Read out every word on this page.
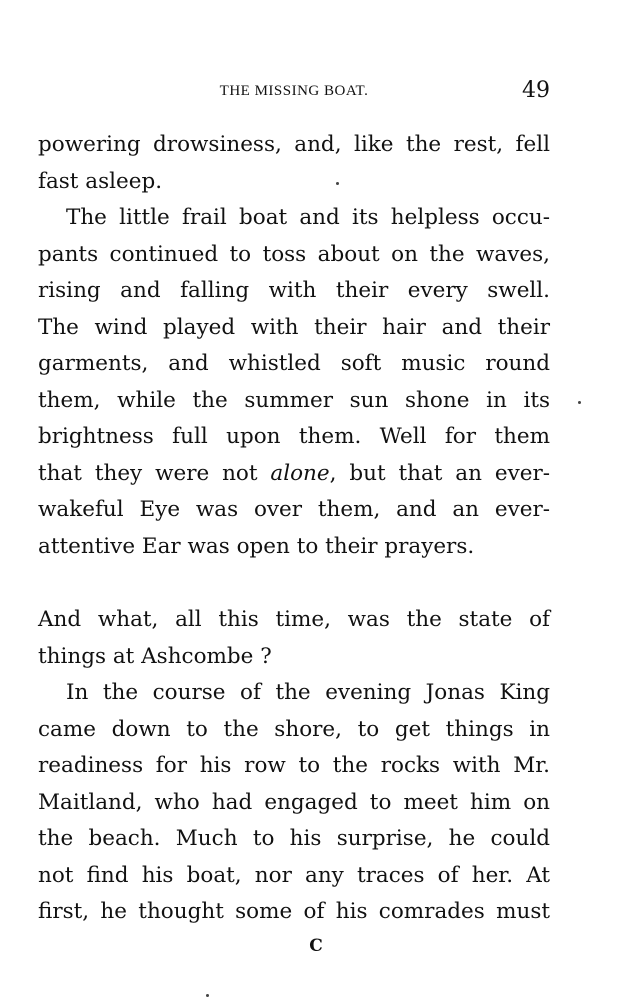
THE MISSING BOAT.	49
powering drowsiness, and, like the rest, fell
fast asleep.
The little frail boat and its helpless occu-
pants continued to toss about on the waves,
rising and falling with their every swell.
The wind played with their hair and their
garments, and whistled soft music round
them, while the summer sun shone in its
brightness full upon them. Well for them
that they were not alone, but that an ever-
wakeful Eye was over them, and an ever-
attentive Ear was open to their prayers.
And what, all this time, was the state of
things at Ashcombe ?
In the course of the evening Jonas King
came down to the shore, to get things in
readiness for his row to the rocks with Mr.
Maitland, who had engaged to meet him on
the beach. Much to his surprise, he could
not find his boat, nor any traces of her. At
first, he thought some of his comrades must
C
